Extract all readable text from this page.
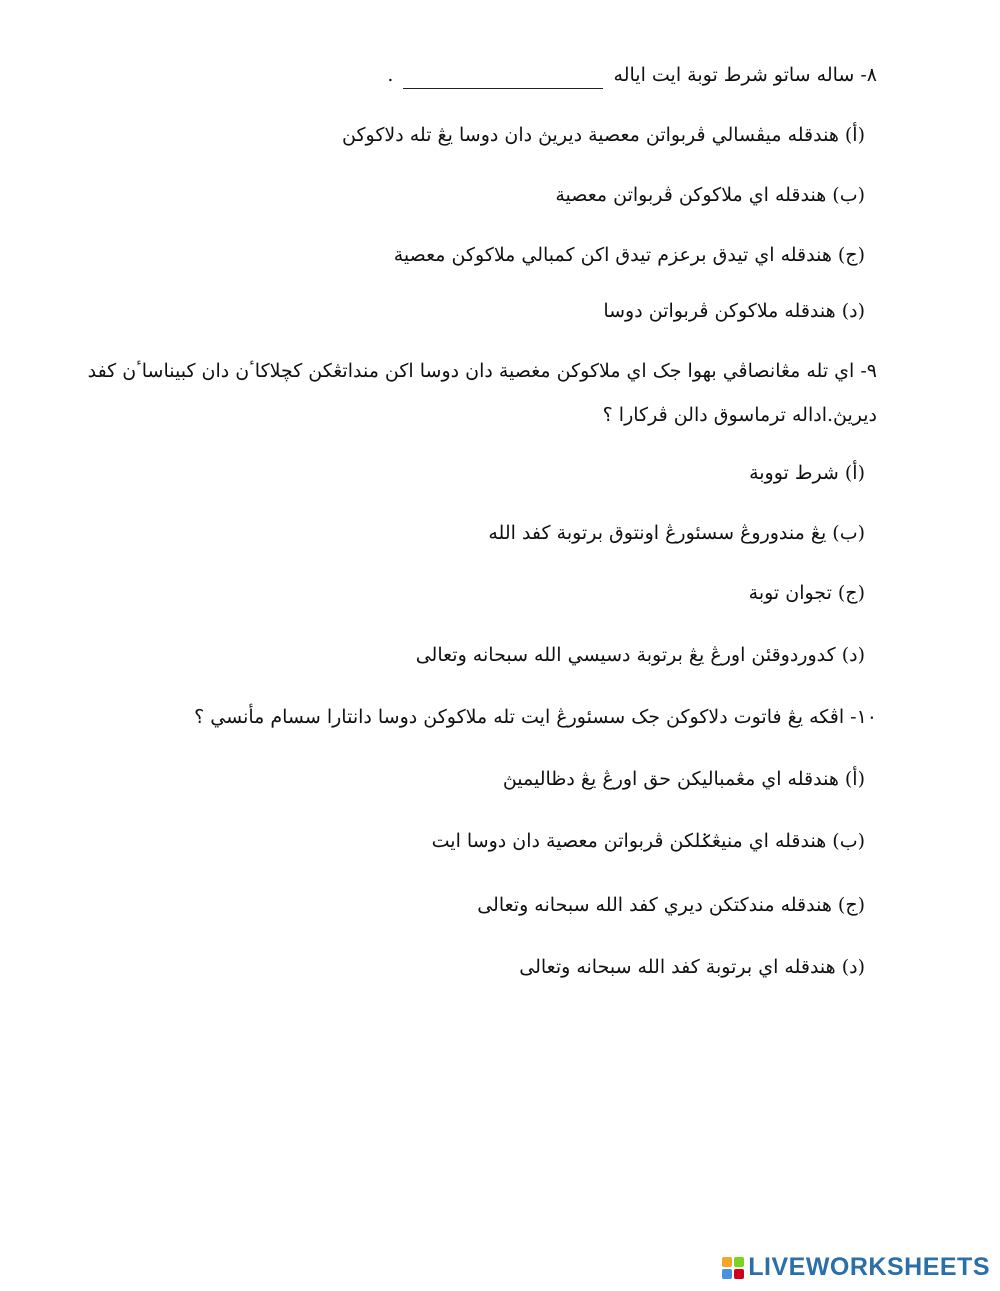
٨- ساله ساتو شرط توبة ايت اياله  .
(أ) هندقله ميڤسالي ڤربواتن معصية ديريڽ دان دوسا يڠ تله دلاکوکن
(ب) هندقله اي ملاکوکن ڤربواتن معصية
(ج) هندقله اي تيدق برعزم تيدق اکن کمبالي ملاکوکن معصية
(د) هندقله ملاکوکن ڤربواتن دوسا
٩- اي تله مڠانصاڤي بهوا جک اي ملاکوکن مغصية دان دوسا اکن منداتڠکن کچلاکاٴن دان کبيناساٴن کفد
ديريڽ.اداله ترماسوق دالن ڤرکارا ؟
(أ) شرط تووبة
(ب) يڠ مندوروڠ سسئورڠ اونتوق برتوبة کفد الله
(ج) تجوان توبة
(د) کدوردوقئن اورڠ يڠ برتوبة دسيسي الله سبحانه وتعالى
١٠- اڤکه يڠ فاتوت دلاکوکن جک سسئورڠ ايت تله ملاکوکن دوسا دانتارا سسام مأنسي ؟
(أ) هندقله اي مڠمباليکن حق اورڠ يڠ دظاليميڽ
(ب) هندقله اي منيڠݢلکن ڤربواتن معصية دان دوسا ايت
(ج) هندقله مندکتکن ديري کفد الله سبحانه وتعالى
(د) هندقله اي برتوبة کفد الله سبحانه وتعالى
LIVEWORKSHEETS
